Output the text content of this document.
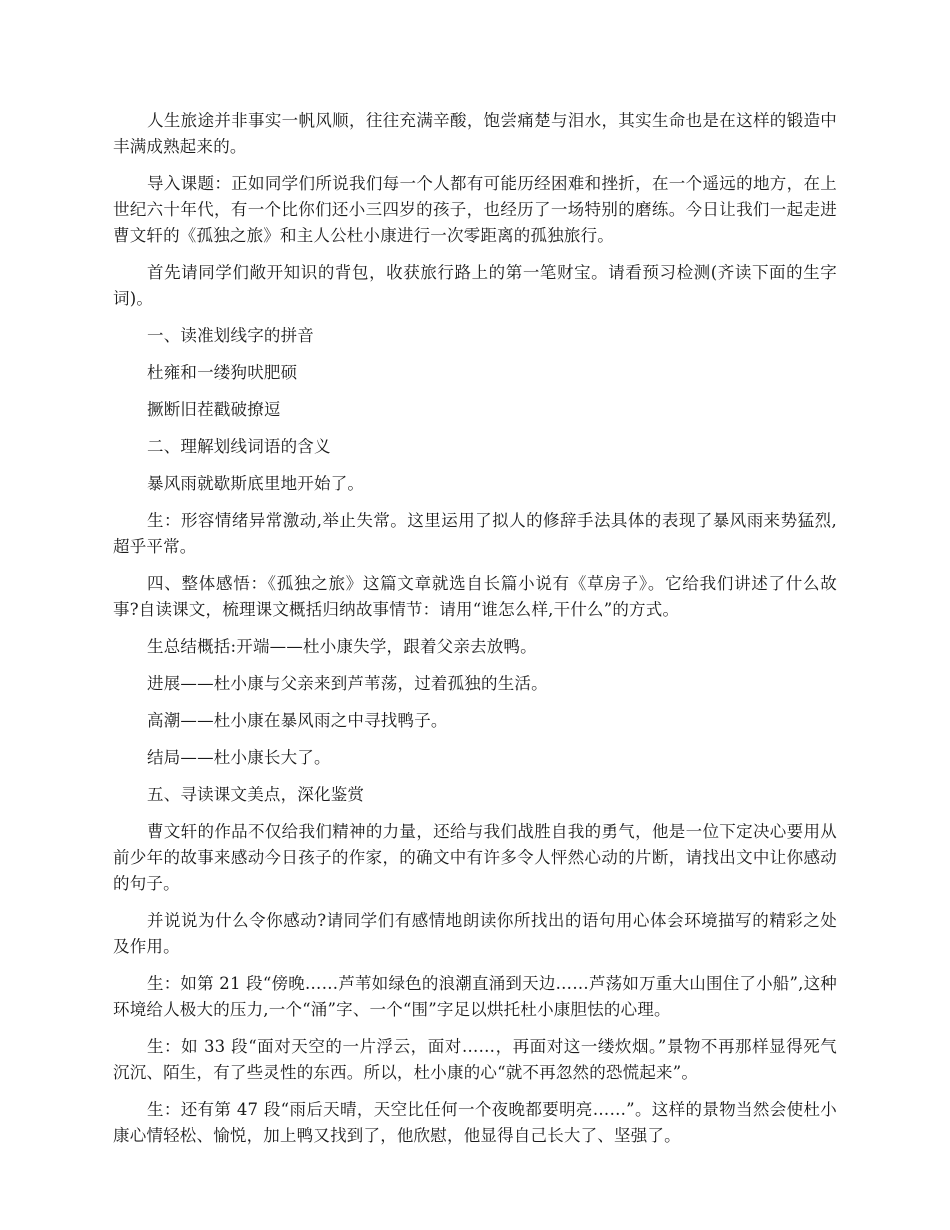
人生旅途并非事实一帆风顺，往往充满辛酸，饱尝痛楚与泪水，其实生命也是在这样的锻造中丰满成熟起来的。

导入课题：正如同学们所说我们每一个人都有可能历经困难和挫折，在一个遥远的地方，在上世纪六十年代，有一个比你们还小三四岁的孩子，也经历了一场特别的磨练。今日让我们一起走进曹文轩的《孤独之旅》和主人公杜小康进行一次零距离的孤独旅行。

首先请同学们敞开知识的背包，收获旅行路上的第一笔财宝。请看预习检测(齐读下面的生字词)。

一、读准划线字的拼音

杜雍和一缕狗吠肥硕

撅断旧茬戳破撩逗

二、理解划线词语的含义

暴风雨就歇斯底里地开始了。

生：形容情绪异常激动,举止失常。这里运用了拟人的修辞手法具体的表现了暴风雨来势猛烈,超乎平常。

四、整体感悟：《孤独之旅》这篇文章就选自长篇小说有《草房子》。它给我们讲述了什么故事?自读课文，梳理课文概括归纳故事情节：请用“谁怎么样,干什么”的方式。

生总结概括:开端——杜小康失学，跟着父亲去放鸭。

进展——杜小康与父亲来到芦苇荡，过着孤独的生活。

高潮——杜小康在暴风雨之中寻找鸭子。

结局——杜小康长大了。

五、寻读课文美点，深化鉴赏

曹文轩的作品不仅给我们精神的力量，还给与我们战胜自我的勇气，他是一位下定决心要用从前少年的故事来感动今日孩子的作家，的确文中有许多令人怦然心动的片断，请找出文中让你感动的句子。

并说说为什么令你感动?请同学们有感情地朗读你所找出的语句用心体会环境描写的精彩之处及作用。

生：如第 21 段“傍晚……芦苇如绿色的浪潮直涌到天边……芦荡如万重大山围住了小船”,这种环境给人极大的压力,一个“涌”字、一个“围”字足以烘托杜小康胆怯的心理。

生：如 33 段“面对天空的一片浮云，面对……，再面对这一缕炊烟。”景物不再那样显得死气沉沉、陌生，有了些灵性的东西。所以，杜小康的心“就不再忽然的恐慌起来”。

生：还有第 47 段“雨后天晴，天空比任何一个夜晚都要明亮……”。这样的景物当然会使杜小康心情轻松、愉悦，加上鸭又找到了，他欣慰，他显得自己长大了、坚强了。
